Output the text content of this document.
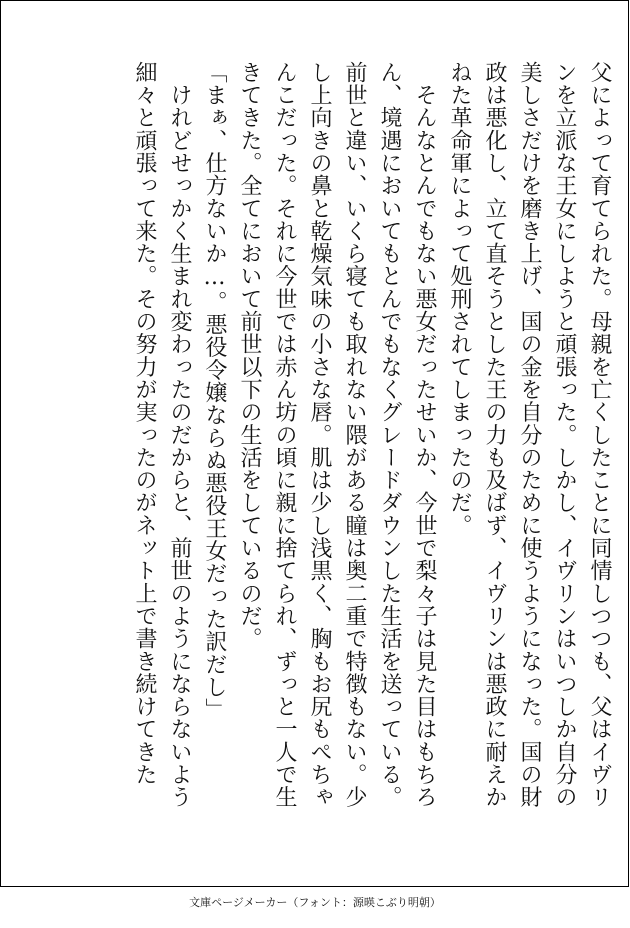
父によって育てられた。母親を亡くしたことに同情しつつも、父はイヴリ

ンを立派な王女にしようと頑張った。しかし、イヴリンはいつしか自分の

美しさだけを磨き上げ、国の金を自分のために使うようになった。国の財

政は悪化し、立て直そうとした王の力も及ばず、イヴリンは悪政に耐えか

ねた革命軍によって処刑されてしまったのだ。

　そんなとんでもない悪女だったせいか、今世で梨々子は見た目はもちろ

ん、境遇においてもとんでもなくグレードダウンした生活を送っている。

前世と違い、いくら寝ても取れない隈がある瞳は奥二重で特徴もない。少

し上向きの鼻と乾燥気味の小さな唇。肌は少し浅黒く、胸もお尻もぺちゃ

んこだった。それに今世では赤ん坊の頃に親に捨てられ、ずっと一人で生

きてきた。全てにおいて前世以下の生活をしているのだ。

「まぁ、仕方ないか…。悪役令嬢ならぬ悪役王女だった訳だし」

　けれどせっかく生まれ変わったのだからと、前世のようにならないよう

細々と頑張って来た。その努力が実ったのがネット上で書き続けてきた

文庫ページメーカー（フォント：源暎こぶり明朝）
